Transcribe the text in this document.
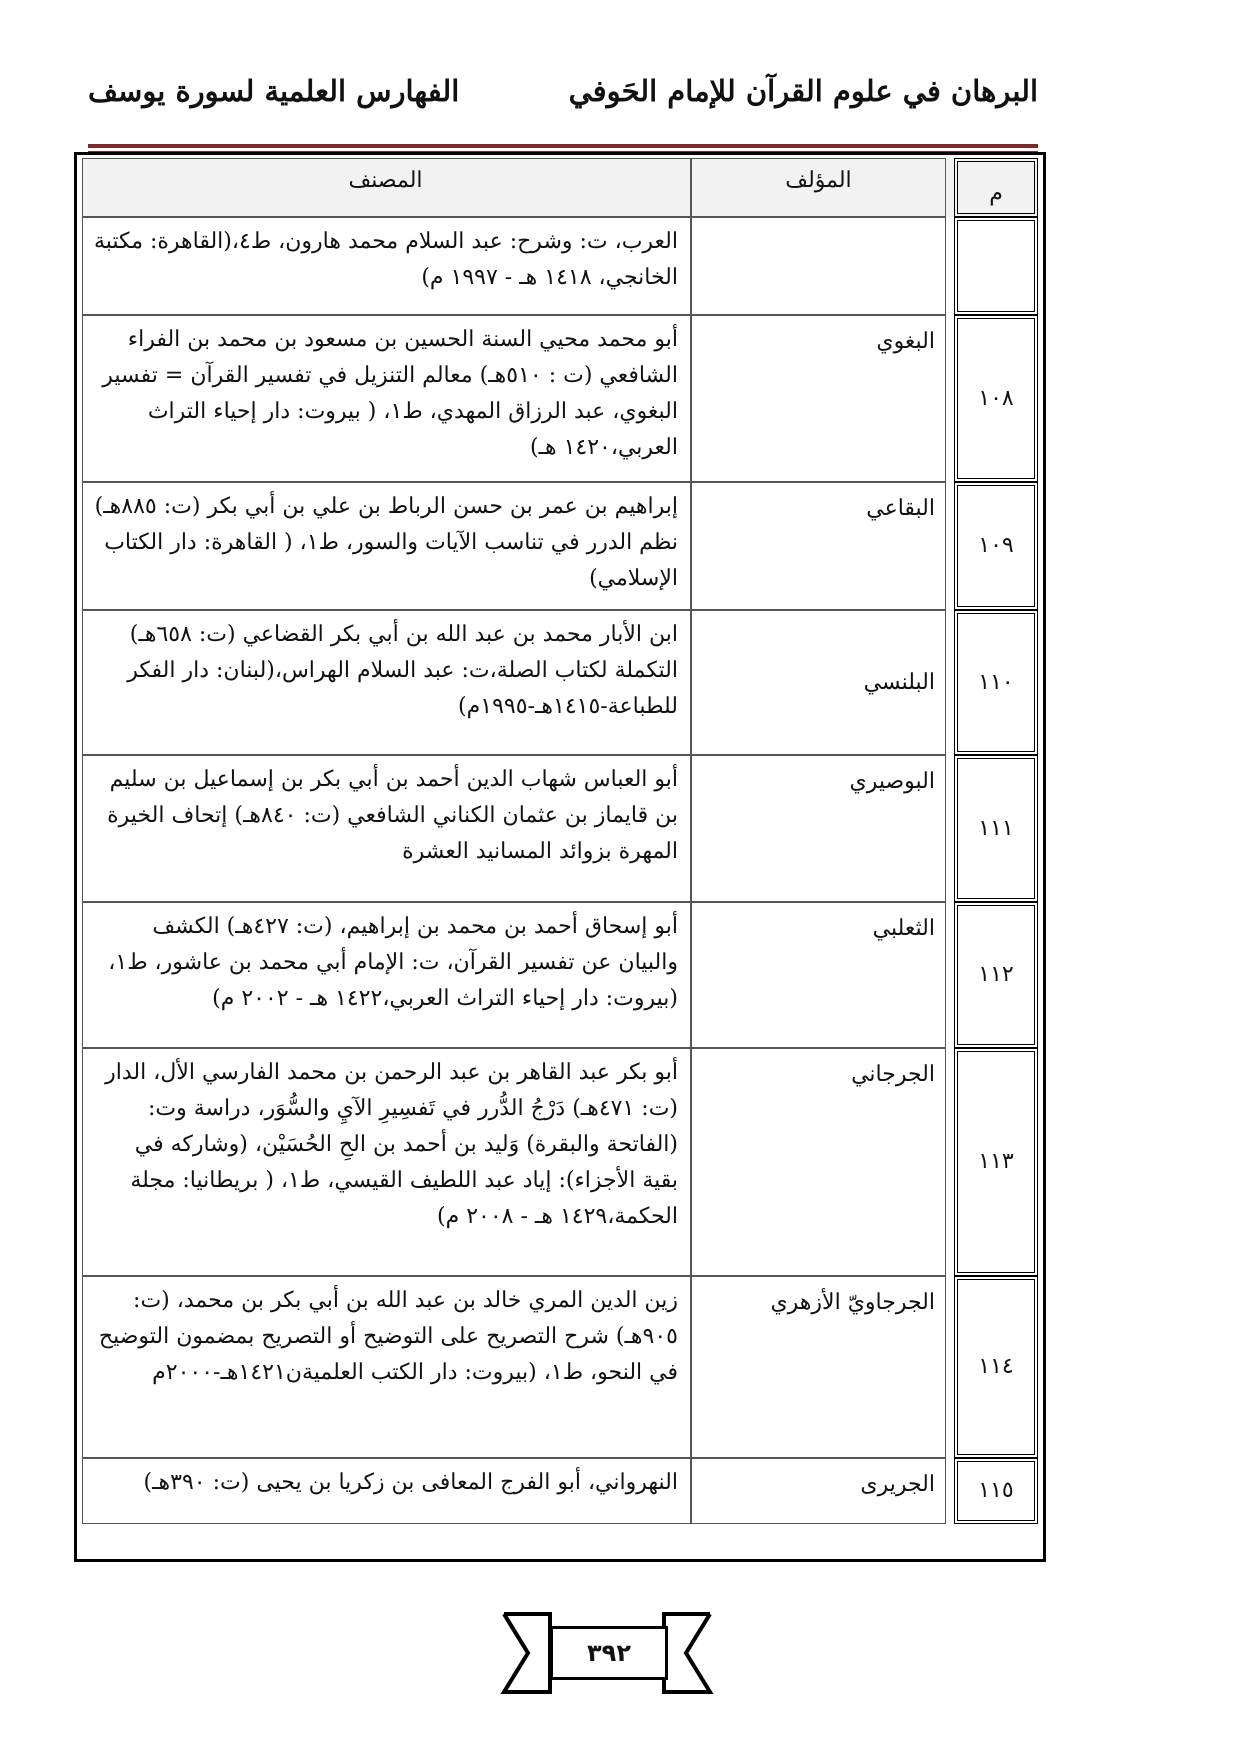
البرهان في علوم القرآن للإمام الحَوفي
الفهارس العلمية لسورة يوسف
م		المؤلف	المصنف
			العرب، ت: وشرح: عبد السلام محمد هارون، ط٤،(القاهرة: مكتبة الخانجي، ١٤١٨ هـ - ١٩٩٧ م)
١٠٨		البغوي	أبو محمد محيي السنة الحسين بن مسعود بن محمد بن الفراء الشافعي (ت : ٥١٠هـ) معالم التنزيل في تفسير القرآن = تفسير البغوي، عبد الرزاق المهدي، ط١، ( بيروت: دار إحياء التراث العربي،١٤٢٠ هـ)
١٠٩		البقاعي	إبراهيم بن عمر بن حسن الرباط بن علي بن أبي بكر (ت: ٨٨٥هـ) نظم الدرر في تناسب الآيات والسور، ط١، ( القاهرة: دار الكتاب الإسلامي)
١١٠		البلنسي	ابن الأبار محمد بن عبد الله بن أبي بكر القضاعي (ت: ٦٥٨هـ) التكملة لكتاب الصلة،ت: عبد السلام الهراس،(لبنان: دار الفكر للطباعة-١٤١٥هـ-١٩٩٥م)
١١١		البوصيري	أبو العباس شهاب الدين أحمد بن أبي بكر بن إسماعيل بن سليم بن قايماز بن عثمان الكناني الشافعي (ت: ٨٤٠هـ) إتحاف الخيرة المهرة بزوائد المسانيد العشرة
١١٢		الثعلبي	أبو إسحاق أحمد بن محمد بن إبراهيم، (ت: ٤٢٧هـ) الكشف والبيان عن تفسير القرآن، ت: الإمام أبي محمد بن عاشور، ط١، (بيروت: دار إحياء التراث العربي،١٤٢٢ هـ - ٢٠٠٢ م)
١١٣		الجرجاني	أبو بكر عبد القاهر بن عبد الرحمن بن محمد الفارسي الأل، الدار (ت: ٤٧١هـ) دَرْجُ الدُّرر في تَفسِيرِ الآيِ والسُّوَر، دراسة وت: (الفاتحة والبقرة) وَليد بن أحمد بن الحِ الحُسَيْن، (وشاركه في بقية الأجزاء): إياد عبد اللطيف القيسي، ط١، ( بريطانيا: مجلة الحكمة،١٤٢٩ هـ - ٢٠٠٨ م)
١١٤		الجرجاويّ الأزهري	زين الدين المري خالد بن عبد الله بن أبي بكر بن محمد، (ت: ٩٠٥هـ) شرح التصريح على التوضيح أو التصريح بمضمون التوضيح في النحو، ط١، (بيروت: دار الكتب العلميةن١٤٢١هـ-٢٠٠٠م
١١٥		الجريرى	النهرواني، أبو الفرج المعافى بن زكريا بن يحيى (ت: ٣٩٠هـ)
٣٩٢
